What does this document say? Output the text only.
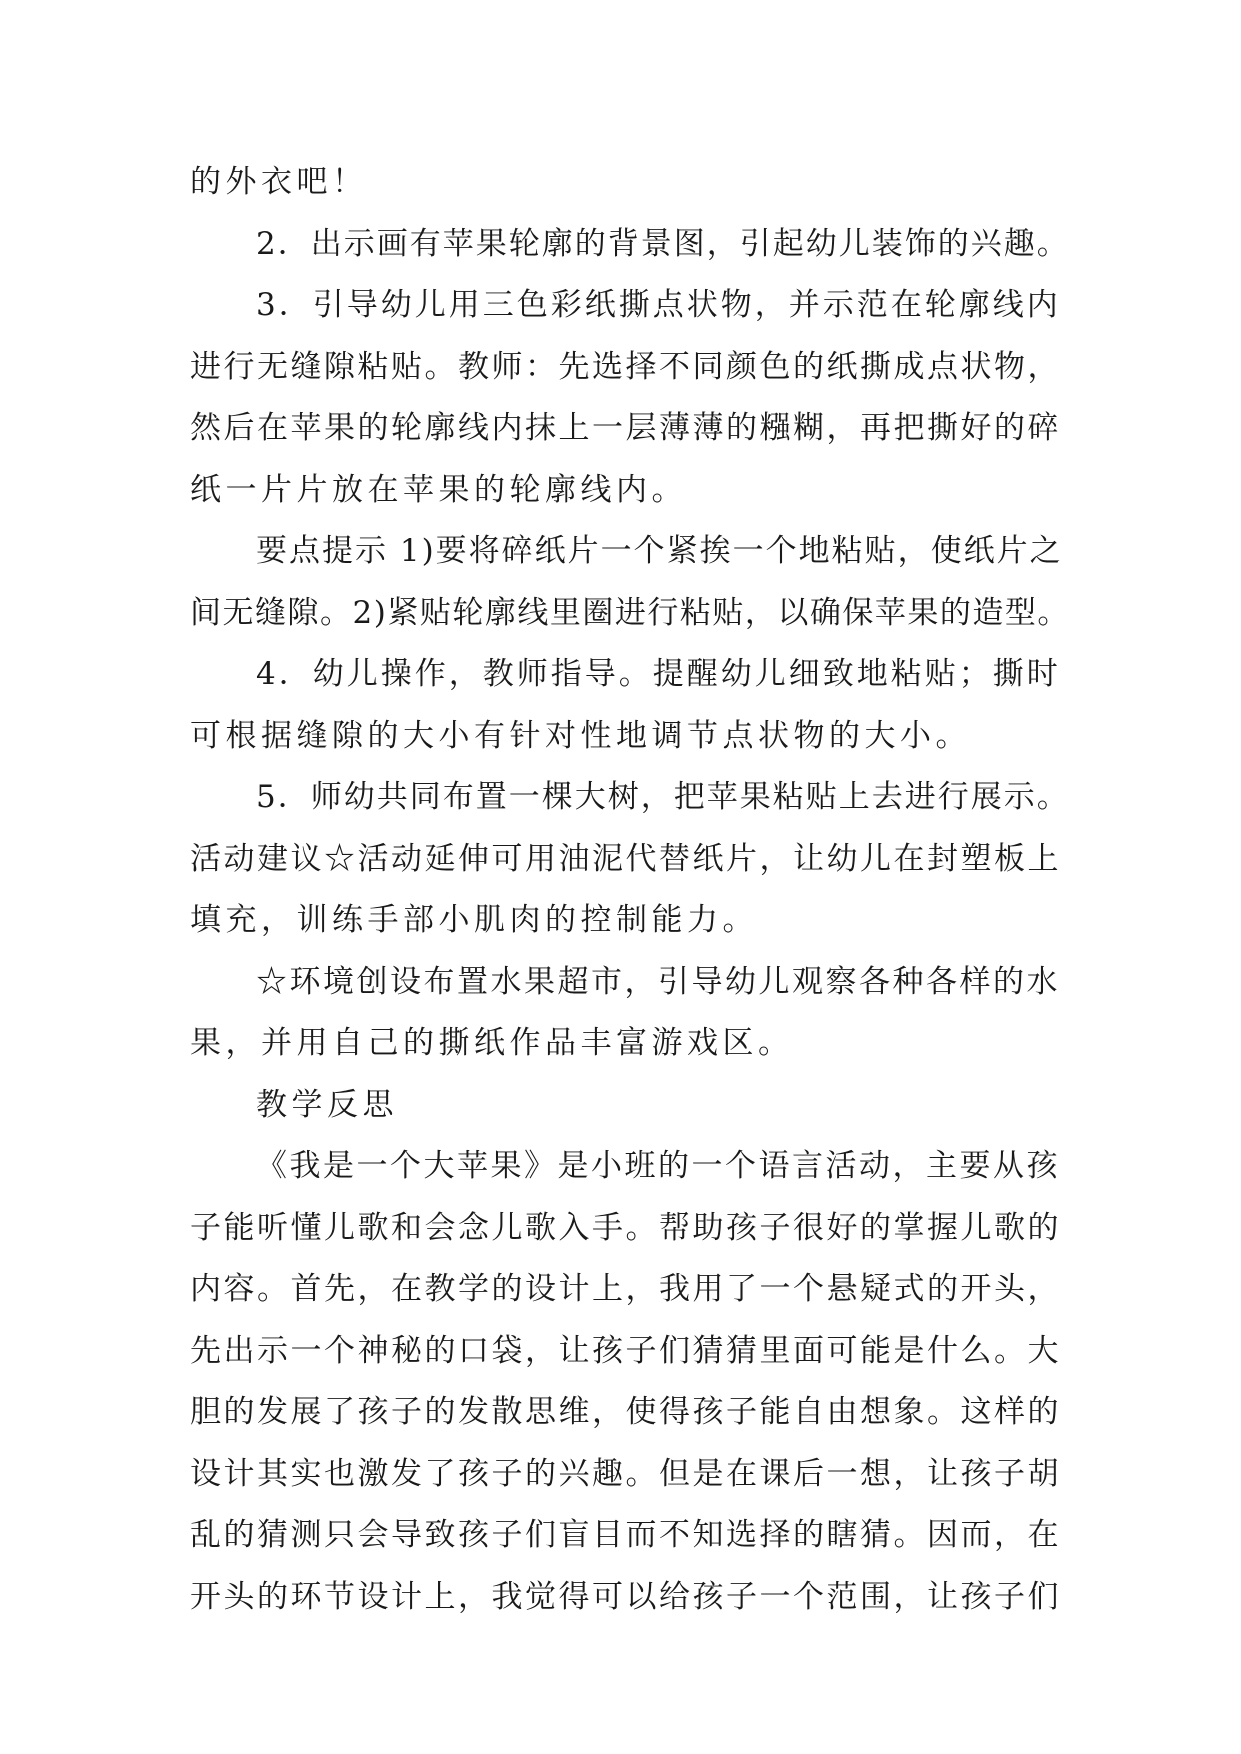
的外衣吧！
2．出示画有苹果轮廓的背景图，引起幼儿装饰的兴趣。
3．引导幼儿用三色彩纸撕点状物，并示范在轮廓线内
进行无缝隙粘贴。教师：先选择不同颜色的纸撕成点状物，
然后在苹果的轮廓线内抹上一层薄薄的糨糊，再把撕好的碎
纸一片片放在苹果的轮廓线内。
要点提示 1)要将碎纸片一个紧挨一个地粘贴，使纸片之
间无缝隙。2)紧贴轮廓线里圈进行粘贴，以确保苹果的造型。
4．幼儿操作，教师指导。提醒幼儿细致地粘贴；撕时
可根据缝隙的大小有针对性地调节点状物的大小。
5．师幼共同布置一棵大树，把苹果粘贴上去进行展示。
活动建议☆活动延伸可用油泥代替纸片，让幼儿在封塑板上
填充，训练手部小肌肉的控制能力。
☆环境创设布置水果超市，引导幼儿观察各种各样的水
果，并用自己的撕纸作品丰富游戏区。
教学反思
《我是一个大苹果》是小班的一个语言活动，主要从孩
子能听懂儿歌和会念儿歌入手。帮助孩子很好的掌握儿歌的
内容。首先，在教学的设计上，我用了一个悬疑式的开头，
先出示一个神秘的口袋，让孩子们猜猜里面可能是什么。大
胆的发展了孩子的发散思维，使得孩子能自由想象。这样的
设计其实也激发了孩子的兴趣。但是在课后一想，让孩子胡
乱的猜测只会导致孩子们盲目而不知选择的瞎猜。因而，在
开头的环节设计上，我觉得可以给孩子一个范围，让孩子们
